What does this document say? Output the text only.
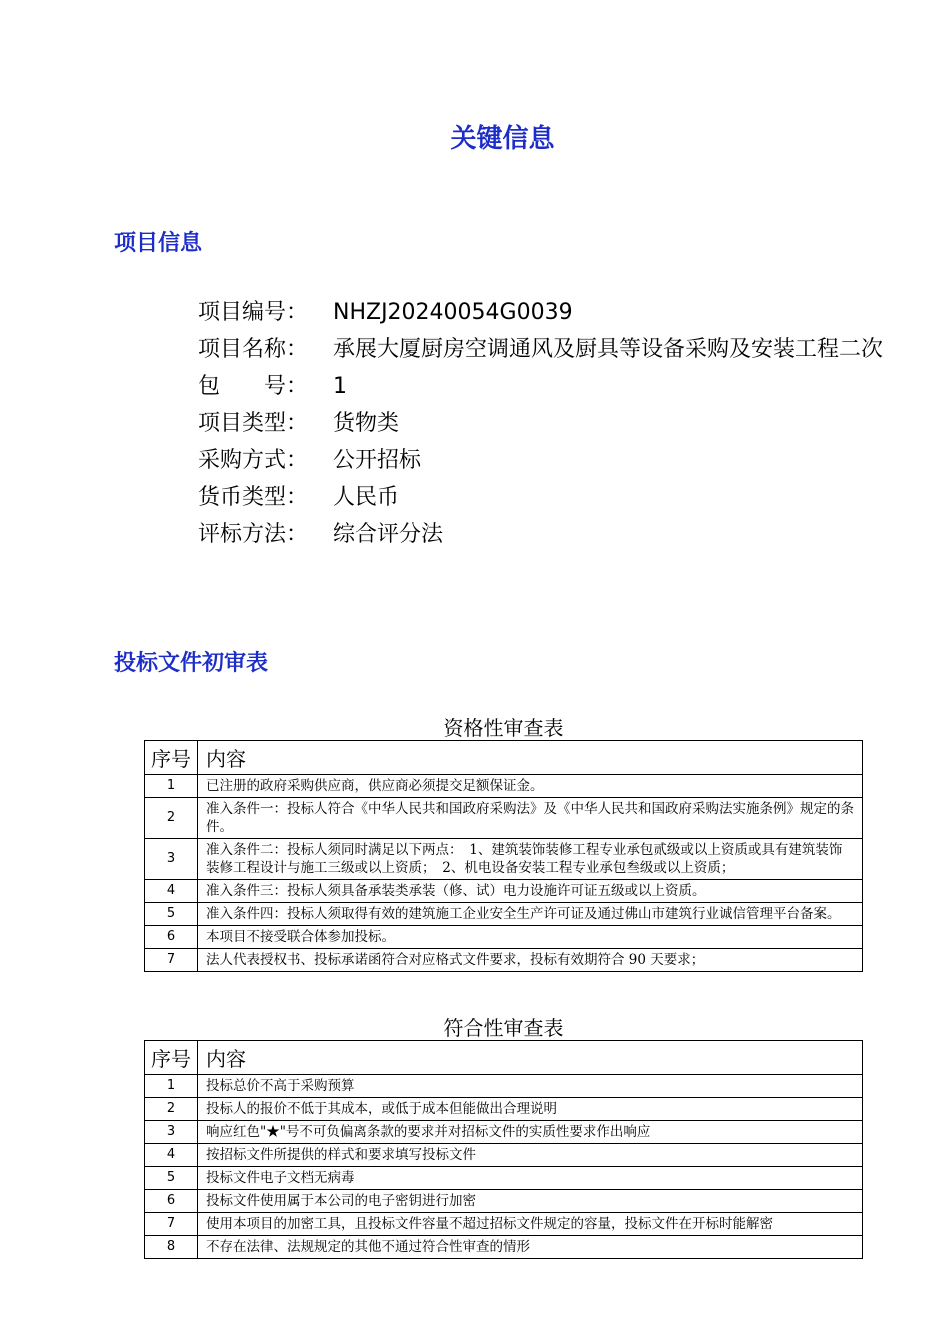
关键信息
项目信息
项目编号：	NHZJ20240054G0039
项目名称：	承展大厦厨房空调通风及厨具等设备采购及安装工程二次
包　　号：	1
项目类型：	货物类
采购方式：	公开招标
货币类型：	人民币
评标方法：	综合评分法
投标文件初审表
资格性审查表
序号	内容
1	已注册的政府采购供应商，供应商必须提交足额保证金。
2	准入条件一：投标人符合《中华人民共和国政府采购法》及《中华人民共和国政府采购法实施条例》规定的条件。
3	准入条件二：投标人须同时满足以下两点：　1、建筑装饰装修工程专业承包贰级或以上资质或具有建筑装饰装修工程设计与施工三级或以上资质；　2、机电设备安装工程专业承包叁级或以上资质；
4	准入条件三：投标人须具备承装类承装（修、试）电力设施许可证五级或以上资质。
5	准入条件四：投标人须取得有效的建筑施工企业安全生产许可证及通过佛山市建筑行业诚信管理平台备案。
6	本项目不接受联合体参加投标。
7	法人代表授权书、投标承诺函符合对应格式文件要求，投标有效期符合 90 天要求；
符合性审查表
序号	内容
1	投标总价不高于采购预算
2	投标人的报价不低于其成本，或低于成本但能做出合理说明
3	响应红色"★"号不可负偏离条款的要求并对招标文件的实质性要求作出响应
4	按招标文件所提供的样式和要求填写投标文件
5	投标文件电子文档无病毒
6	投标文件使用属于本公司的电子密钥进行加密
7	使用本项目的加密工具，且投标文件容量不超过招标文件规定的容量，投标文件在开标时能解密
8	不存在法律、法规规定的其他不通过符合性审查的情形
